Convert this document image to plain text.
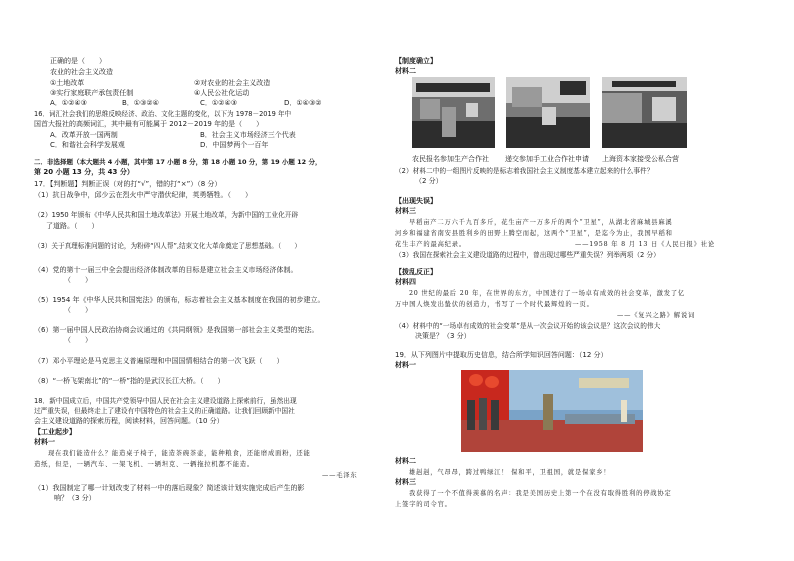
正确的是（　　）
农业的社会主义改造
①土地改革	②对农业的社会主义改造
③实行家庭联产承包责任制	④人民公社化运动
A．①②④③	B．①③②④	C．①②④③	D．①④③②
16．词汇社会我们的思维反映经济、政治、文化主题的变化，以下为 1978－2019 年中
国首大报社的高频词汇，其中最有可能属于 2012－2019 年的是（　　）
A．改革开放一国两制	B．社会主义市场经济三个代表
C．和谐社会科学发展观	D．中国梦两个一百年
二．非选择题（本大题共 4 小题，其中第 17 小题 8 分，第 18 小题 10 分，第 19 小题 12 分，
第 20 小题 13 分，共 43 分）
17．【判断题】判断正误（对的打“√”，错的打“×”）（8 分）
（1）抗日战争中，邱少云在烈火中严守潜伏纪律，英勇牺牲。（　　）
（2）1950 年颁布《中华人民共和国土地改革法》开展土地改革，为新中国的工业化开辟
了道路。（　　）
（3）关于真理标准问题的讨论，为粉碎“四人帮”,结束文化大革命奠定了思想基础。（　　）
（4）党的第十一届三中全会提出经济体制改革的目标是建立社会主义市场经济体制。
（　　）
（5）1954 年《中华人民共和国宪法》的颁布，标志着社会主义基本制度在我国的初步建立。
（　　）
（6）第一届中国人民政治协商会议通过的《共同纲领》是我国第一部社会主义类型的宪法。
（　　）
（7）邓小平理论是马克思主义普遍原理和中国国情相结合的第一次飞跃（　　）
（8）“一桥飞架南北”的“一桥”指的是武汉长江大桥。（　　）
18．新中国成立后，中国共产党领导中国人民在社会主义建设道路上探索前行，虽然出现
过严重失误，但最终走上了建设有中国特色的社会主义的正确道路。让我们回顾新中国社
会主义建设道路的探索历程，阅读材料，回答问题。（10 分）
【工业起步】
材料一
现在我们能造什么？能造桌子椅子，能造茶碗茶壶，能种粮食，还能磨成面粉，还能
造纸，但是，一辆汽车、一架飞机、一辆坦克、一辆拖拉机都不能造。
——毛泽东
（1）我国制定了哪一计划改变了材料一中的落后现象？简述该计划实施完成后产生的影
响？（3 分）
【制度确立】
材料二
农民报名参加生产合作社 递交参加手工业合作社申请 上海资本家接受公私合营
（2）材料二中的一组图片反映的是标志着我国社会主义制度基本建立起来的什么事件？
（2 分）
【出现失误】
材料三
早稻亩产二万六千九百多斤，花生亩产一万多斤的两个“卫星”，从湖北省麻城县麻溪
河乡和福建省南安县胜利乡的田野上腾空而起，这两个“卫星”，是迄今为止，我国早稻和
花生丰产的最高纪录。	——1958 年 8 月 13 日《人民日报》社论
（3）我国在探索社会主义建设道路的过程中，曾出现过哪些严重失误？列举两项（2 分）
【拨乱反正】
材料四
20 世纪的最后 20 年，在世界的东方，中国进行了一场卓有成效的社会变革，激发了亿
万中国人焕发出蛰伏的创造力，书写了一个时代最辉煌的一页。
——《复兴之路》解说词
（4）材料中的“一场卓有成效的社会变革”是从一次会议开始的该会议是？这次会议的伟大
决策是？（3 分）
19．从下列图片中提取历史信息，结合所学知识回答问题：（12 分）
材料一
材料二
雄赳赳，气昂昂，跨过鸭绿江！ 保和平，卫祖国，就是保家乡！
材料三
我获得了一个不值得羡慕的名声：我是美国历史上第一个在没有取得胜利的停战协定
上签字的司令官。
